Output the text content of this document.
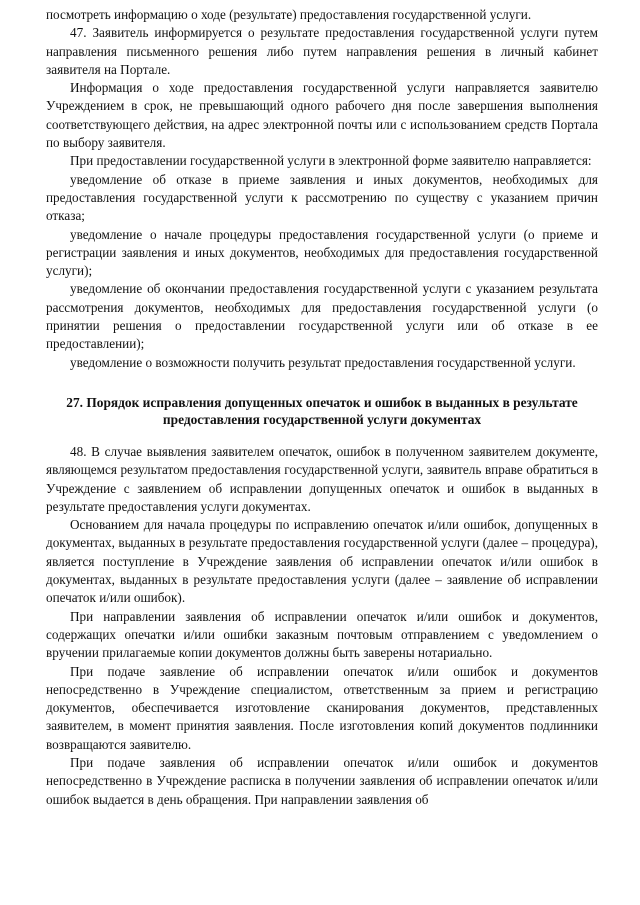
посмотреть информацию о ходе (результате) предоставления государственной услуги.

47. Заявитель информируется о результате предоставления государственной услуги путем направления письменного решения либо путем направления решения в личный кабинет заявителя на Портале.

Информация о ходе предоставления государственной услуги направляется заявителю Учреждением в срок, не превышающий одного рабочего дня после завершения выполнения соответствующего действия, на адрес электронной почты или с использованием средств Портала по выбору заявителя.

При предоставлении государственной услуги в электронной форме заявителю направляется:

уведомление об отказе в приеме заявления и иных документов, необходимых для предоставления государственной услуги к рассмотрению по существу с указанием причин отказа;

уведомление о начале процедуры предоставления государственной услуги (о приеме и регистрации заявления и иных документов, необходимых для предоставления государственной услуги);

уведомление об окончании предоставления государственной услуги с указанием результата рассмотрения документов, необходимых для предоставления государственной услуги (о принятии решения о предоставлении государственной услуги или об отказе в ее предоставлении);

уведомление о возможности получить результат предоставления государственной услуги.

27. Порядок исправления допущенных опечаток и ошибок в выданных в результате предоставления государственной услуги документах

48. В случае выявления заявителем опечаток, ошибок в полученном заявителем документе, являющемся результатом предоставления государственной услуги, заявитель вправе обратиться в Учреждение с заявлением об исправлении допущенных опечаток и ошибок в выданных в результате предоставления услуги документах.

Основанием для начала процедуры по исправлению опечаток и/или ошибок, допущенных в документах, выданных в результате предоставления государственной услуги (далее – процедура), является поступление в Учреждение заявления об исправлении опечаток и/или ошибок в документах, выданных в результате предоставления услуги (далее – заявление об исправлении опечаток и/или ошибок).

При направлении заявления об исправлении опечаток и/или ошибок и документов, содержащих опечатки и/или ошибки заказным почтовым отправлением с уведомлением о вручении прилагаемые копии документов должны быть заверены нотариально.

При подаче заявление об исправлении опечаток и/или ошибок и документов непосредственно в Учреждение специалистом, ответственным за прием и регистрацию документов, обеспечивается изготовление сканирования документов, представленных заявителем, в момент принятия заявления. После изготовления копий документов подлинники возвращаются заявителю.

При подаче заявления об исправлении опечаток и/или ошибок и документов непосредственно в Учреждение расписка в получении заявления об исправлении опечаток и/или ошибок выдается в день обращения. При направлении заявления об
